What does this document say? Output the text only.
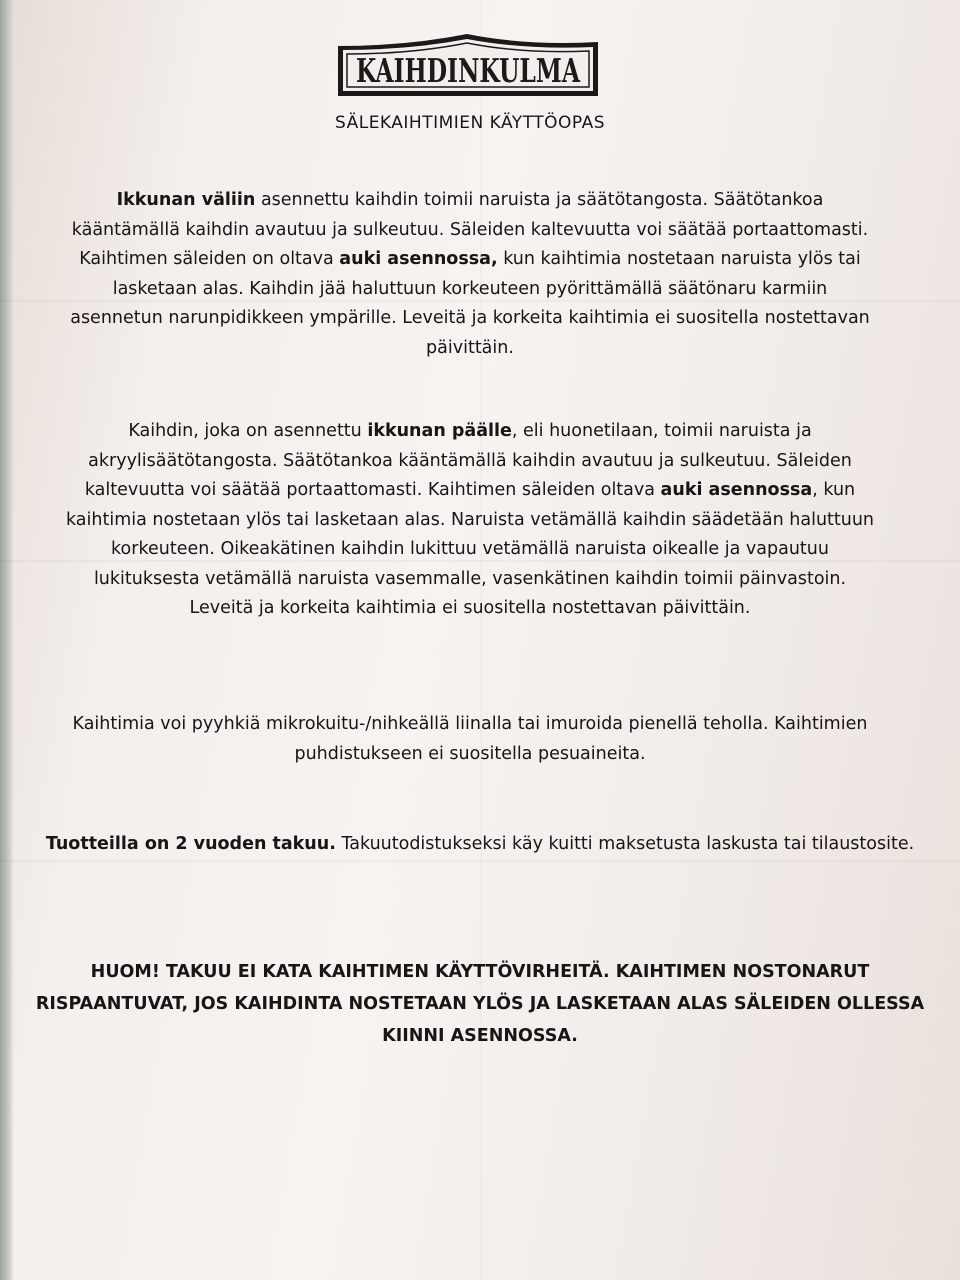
KAIHDINKULMA
SÄLEKAIHTIMIEN KÄYTTÖOPAS
Ikkunan väliin asennettu kaihdin toimii naruista ja säätötangosta. Säätötankoa kääntämällä kaihdin avautuu ja sulkeutuu. Säleiden kaltevuutta voi säätää portaattomasti. Kaihtimen säleiden on oltava auki asennossa, kun kaihtimia nostetaan naruista ylös tai lasketaan alas. Kaihdin jää haluttuun korkeuteen pyörittämällä säätönaru karmiin asennetun narunpidikkeen ympärille. Leveitä ja korkeita kaihtimia ei suositella nostettavan päivittäin.
Kaihdin, joka on asennettu ikkunan päälle, eli huonetilaan, toimii naruista ja akryylisäätötangosta. Säätötankoa kääntämällä kaihdin avautuu ja sulkeutuu. Säleiden kaltevuutta voi säätää portaattomasti. Kaihtimen säleiden oltava auki asennossa, kun kaihtimia nostetaan ylös tai lasketaan alas. Naruista vetämällä kaihdin säädetään haluttuun korkeuteen. Oikeakätinen kaihdin lukittuu vetämällä naruista oikealle ja vapautuu lukituksesta vetämällä naruista vasemmalle, vasenkätinen kaihdin toimii päinvastoin. Leveitä ja korkeita kaihtimia ei suositella nostettavan päivittäin.
Kaihtimia voi pyyhkiä mikrokuitu-/nihkeällä liinalla tai imuroida pienellä teholla. Kaihtimien puhdistukseen ei suositella pesuaineita.
Tuotteilla on 2 vuoden takuu. Takuutodistukseksi käy kuitti maksetusta laskusta tai tilaustosite.
HUOM! TAKUU EI KATA KAIHTIMEN KÄYTTÖVIRHEITÄ. KAIHTIMEN NOSTONARUT RISPAANTUVAT, JOS KAIHDINTA NOSTETAAN YLÖS JA LASKETAAN ALAS SÄLEIDEN OLLESSA KIINNI ASENNOSSA.
